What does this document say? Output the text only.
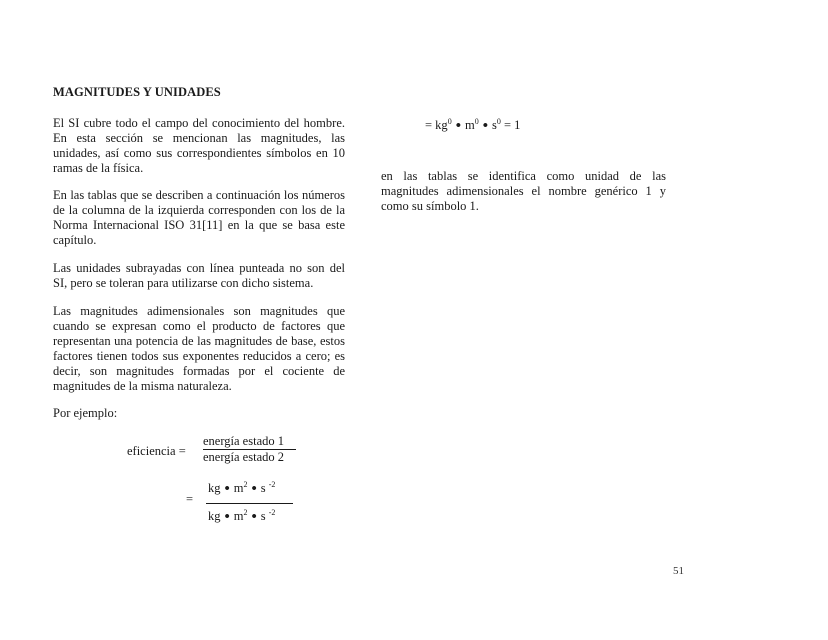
MAGNITUDES Y UNIDADES
El SI cubre todo el campo del conocimiento del hombre. En esta sección se mencionan las magnitudes, las unidades, así como sus correspondientes símbolos en 10 ramas de la física.
En las tablas que se describen a continuación los números de la columna de la izquierda corresponden con los de la Norma Internacional ISO 31[11] en la que se basa este capítulo.
Las unidades subrayadas con línea punteada no son del SI, pero se toleran para utilizarse con dicho sistema.
Las magnitudes adimensionales son magnitudes que cuando se expresan como el producto de factores que representan una potencia de las magnitudes de base, estos factores tienen todos sus exponentes reducidos a cero; es decir, son magnitudes formadas por el cociente de magnitudes de la misma naturaleza.
Por ejemplo:
eficiencia =
energía estado 1
energía estado 2
= $\frac{kg • m^2 • s ^{-2}}{kg • m^2 • s ^{-2}}$
= $kg^0$ • $m^0$ • $s^0 = 1$
en las tablas se identifica como unidad de las magnitudes adimensionales el nombre genérico 1 y como su símbolo 1.
51
